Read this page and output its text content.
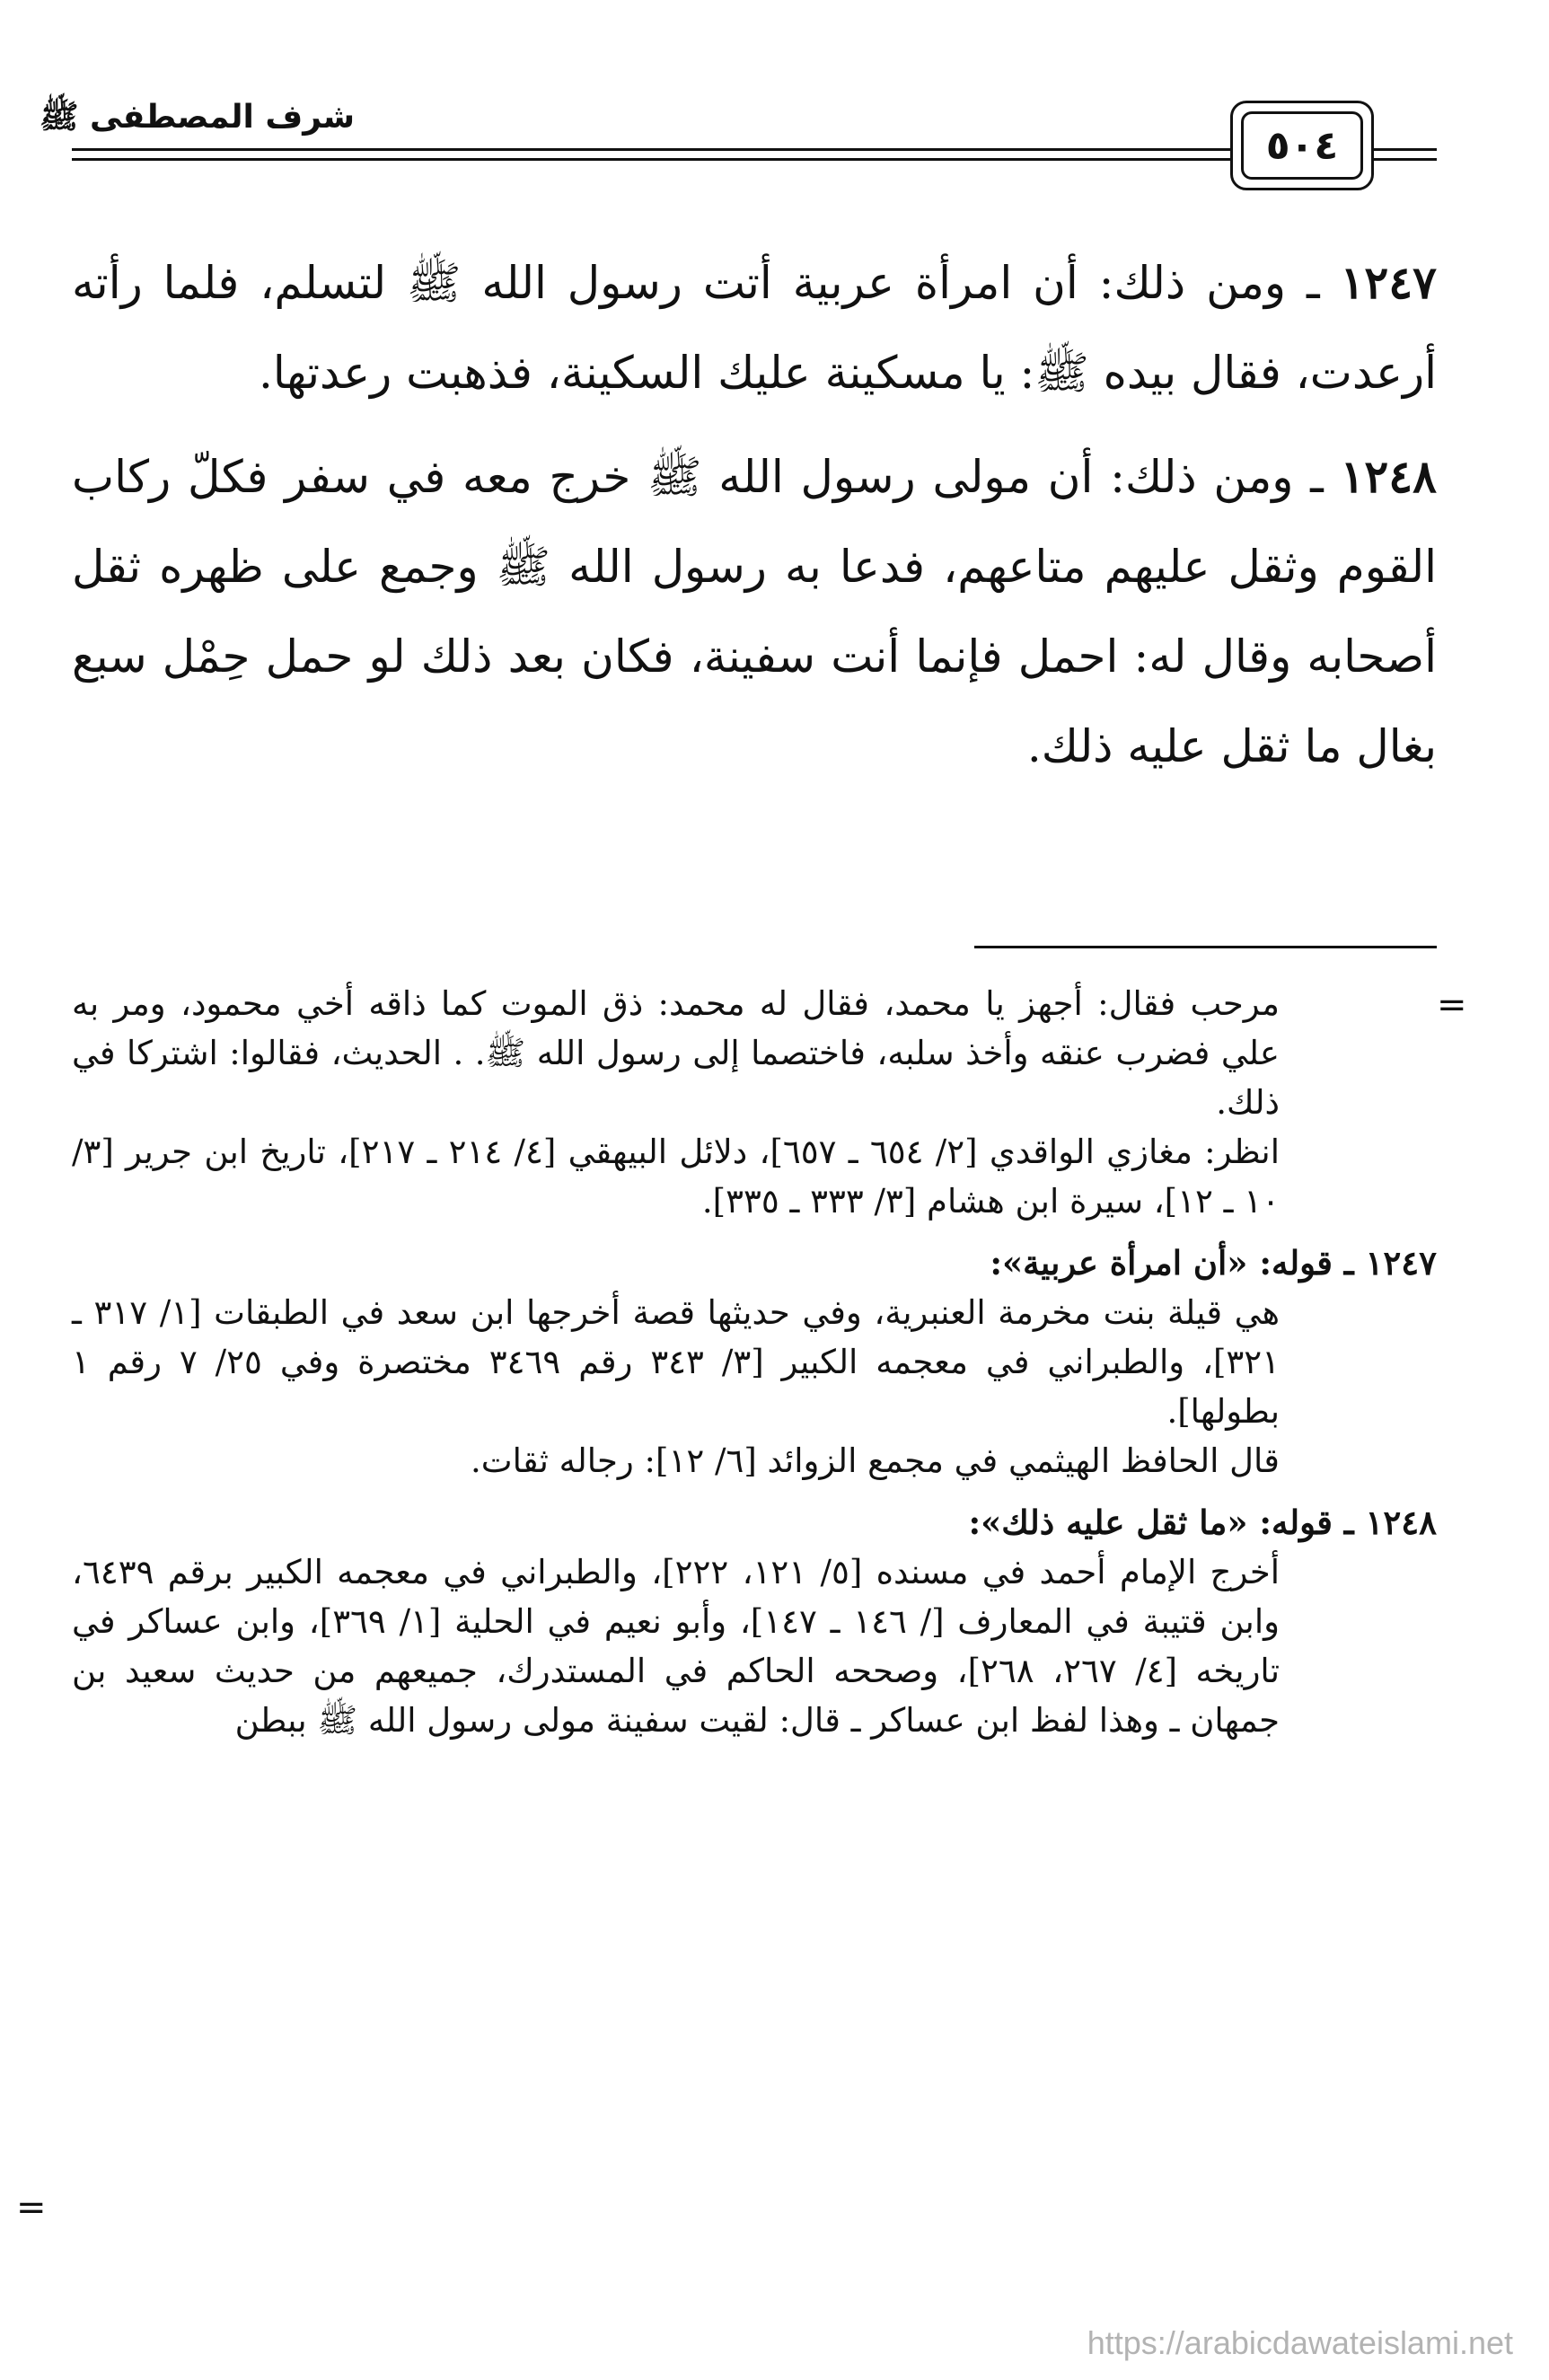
شرف المصطفى ﷺ
٥٠٤

١٢٤٧ ـ ومن ذلك: أن امرأة عربية أتت رسول الله ﷺ لتسلم، فلما رأته أرعدت، فقال بيده ﷺ: يا مسكينة عليك السكينة، فذهبت رعدتها.

١٢٤٨ ـ ومن ذلك: أن مولى رسول الله ﷺ خرج معه في سفر فكلّ ركاب القوم وثقل عليهم متاعهم، فدعا به رسول الله ﷺ وجمع على ظهره ثقل أصحابه وقال له: احمل فإنما أنت سفينة، فكان بعد ذلك لو حمل حِمْل سبع بغال ما ثقل عليه ذلك.

=

مرحب فقال: أجهز يا محمد، فقال له محمد: ذق الموت كما ذاقه أخي محمود، ومر به علي فضرب عنقه وأخذ سلبه، فاختصما إلى رسول الله ﷺ. . الحديث، فقالوا: اشتركا في ذلك.

انظر: مغازي الواقدي [٢/ ٦٥٤ ـ ٦٥٧]، دلائل البيهقي [٤/ ٢١٤ ـ ٢١٧]، تاريخ ابن جرير [٣/ ١٠ ـ ١٢]، سيرة ابن هشام [٣/ ٣٣٣ ـ ٣٣٥].

١٢٤٧ ـ قوله: «أن امرأة عربية»:

هي قيلة بنت مخرمة العنبرية، وفي حديثها قصة أخرجها ابن سعد في الطبقات [١/ ٣١٧ ـ ٣٢١]، والطبراني في معجمه الكبير [٣/ ٣٤٣ رقم ٣٤٦٩ مختصرة وفي ٢٥/ ٧ رقم ١ بطولها].

قال الحافظ الهيثمي في مجمع الزوائد [٦/ ١٢]: رجاله ثقات.

١٢٤٨ ـ قوله: «ما ثقل عليه ذلك»:

أخرج الإمام أحمد في مسنده [٥/ ١٢١، ٢٢٢]، والطبراني في معجمه الكبير برقم ٦٤٣٩، وابن قتيبة في المعارف [/ ١٤٦ ـ ١٤٧]، وأبو نعيم في الحلية [١/ ٣٦٩]، وابن عساكر في تاريخه [٤/ ٢٦٧، ٢٦٨]، وصححه الحاكم في المستدرك، جميعهم من حديث سعيد بن جمهان ـ وهذا لفظ ابن عساكر ـ قال: لقيت سفينة مولى رسول الله ﷺ ببطن

=
https://arabicdawateislami.net
